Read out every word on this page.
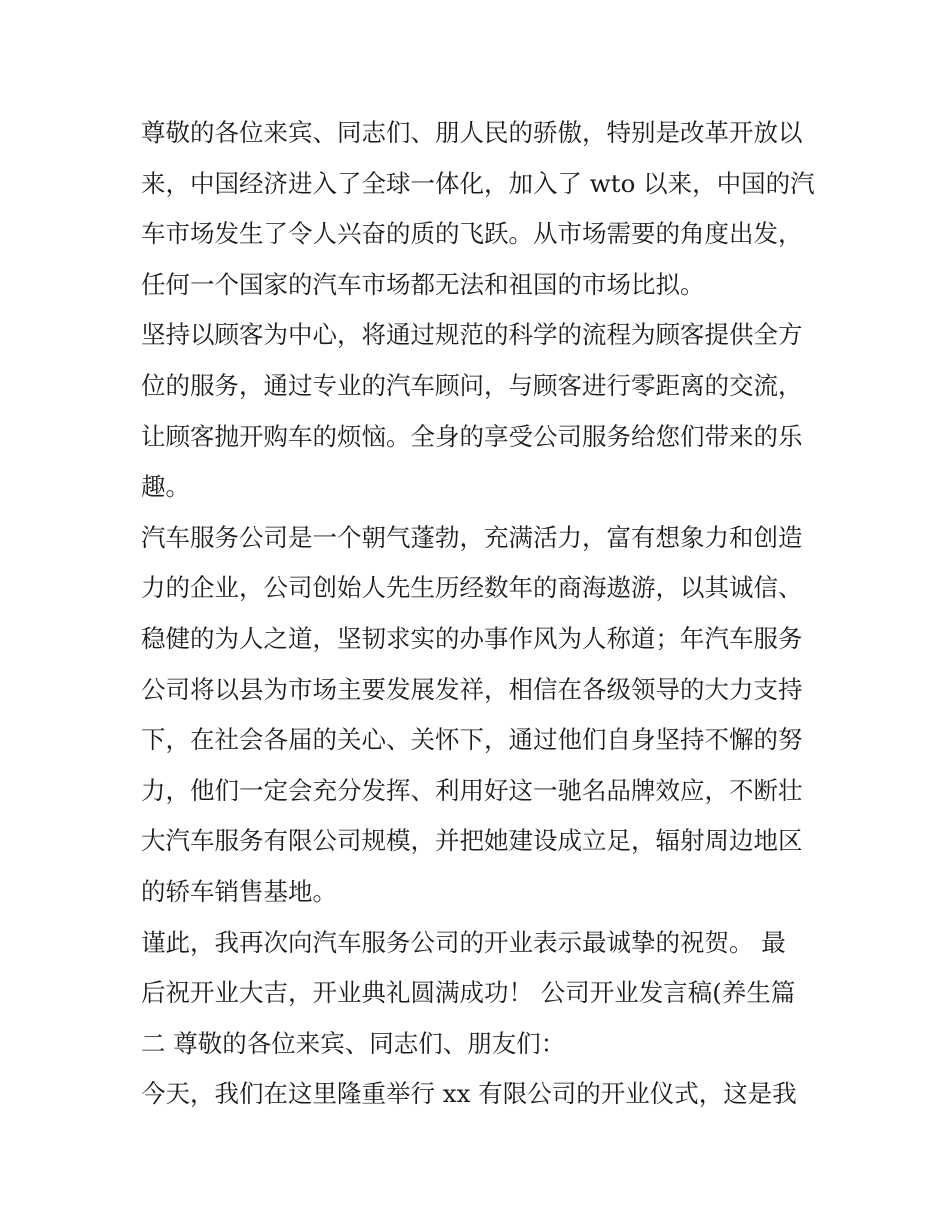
尊敬的各位来宾、同志们、朋人民的骄傲，特别是改革开放以
来，中国经济进入了全球一体化，加入了 wto 以来，中国的汽
车市场发生了令人兴奋的质的飞跃。从市场需要的角度出发，
任何一个国家的汽车市场都无法和祖国的市场比拟。
坚持以顾客为中心，将通过规范的科学的流程为顾客提供全方
位的服务，通过专业的汽车顾问，与顾客进行零距离的交流，
让顾客抛开购车的烦恼。全身的享受公司服务给您们带来的乐
趣。
汽车服务公司是一个朝气蓬勃，充满活力，富有想象力和创造
力的企业，公司创始人先生历经数年的商海遨游，以其诚信、
稳健的为人之道，坚韧求实的办事作风为人称道；年汽车服务
公司将以县为市场主要发展发祥，相信在各级领导的大力支持
下，在社会各届的关心、关怀下，通过他们自身坚持不懈的努
力，他们一定会充分发挥、利用好这一驰名品牌效应，不断壮
大汽车服务有限公司规模，并把她建设成立足，辐射周边地区
的轿车销售基地。
谨此，我再次向汽车服务公司的开业表示最诚挚的祝贺。 最
后祝开业大吉，开业典礼圆满成功！ 公司开业发言稿(养生篇
二 尊敬的各位来宾、同志们、朋友们：
今天，我们在这里隆重举行 xx 有限公司的开业仪式，这是我
